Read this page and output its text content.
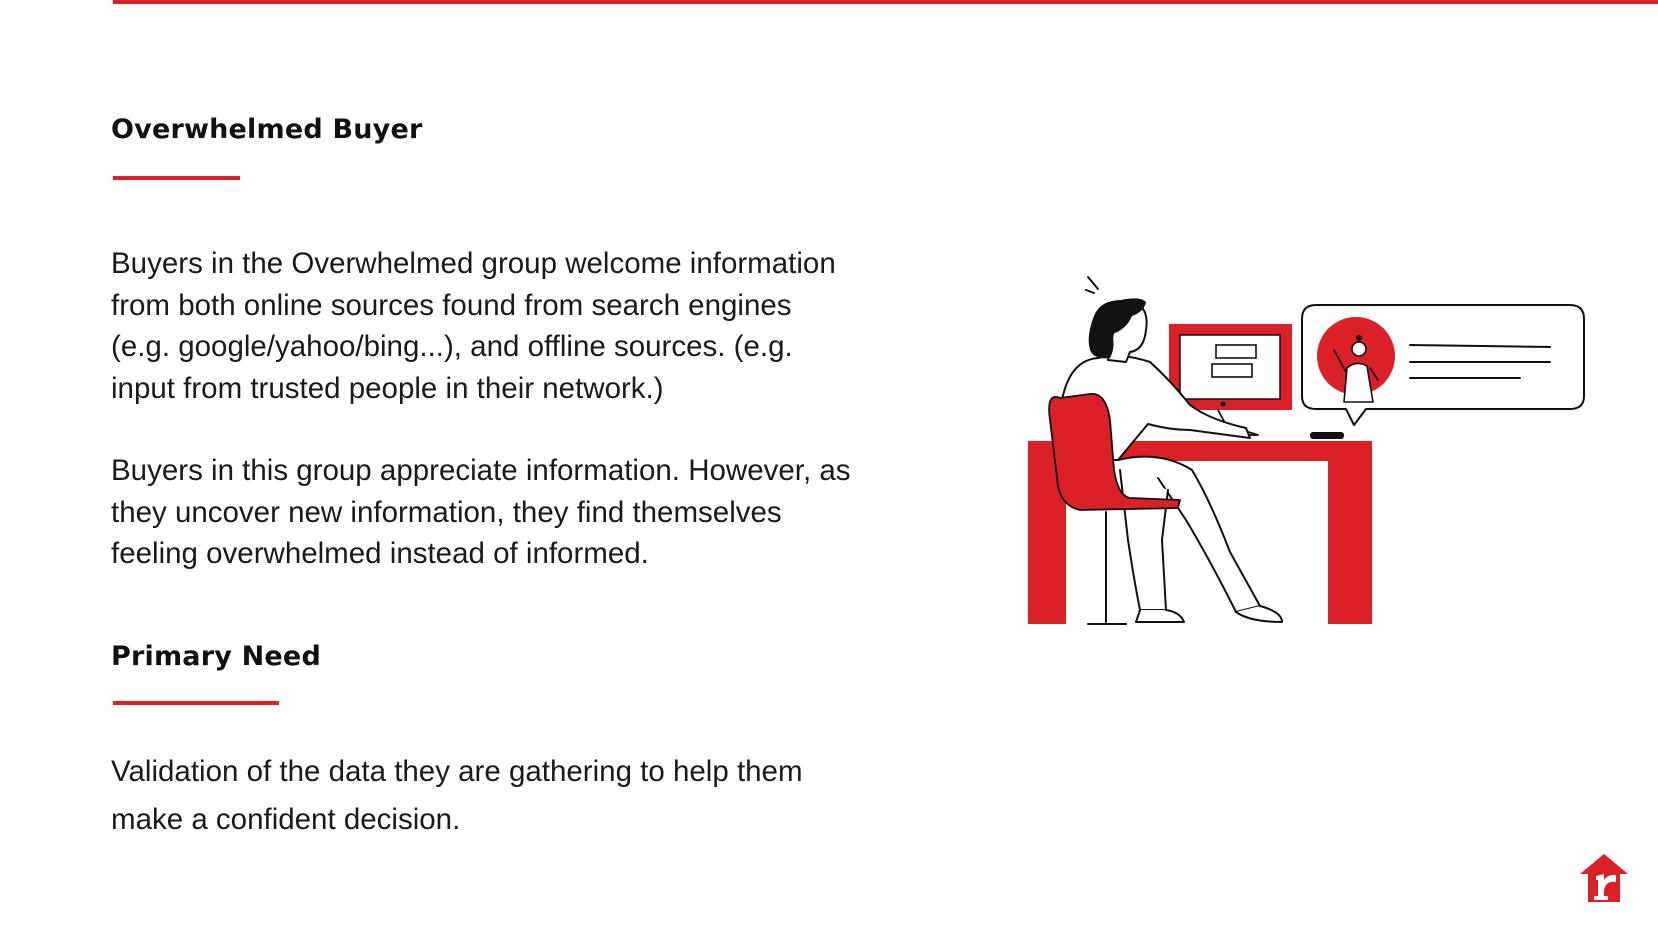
Overwhelmed Buyer

Buyers in the Overwhelmed group welcome information
from both online sources found from search engines
(e.g. google/yahoo/bing...), and offline sources. (e.g.
input from trusted people in their network.)

Buyers in this group appreciate information. However, as
they uncover new information, they find themselves
feeling overwhelmed instead of informed.

Primary Need

Validation of the data they are gathering to help them
make a confident decision.
